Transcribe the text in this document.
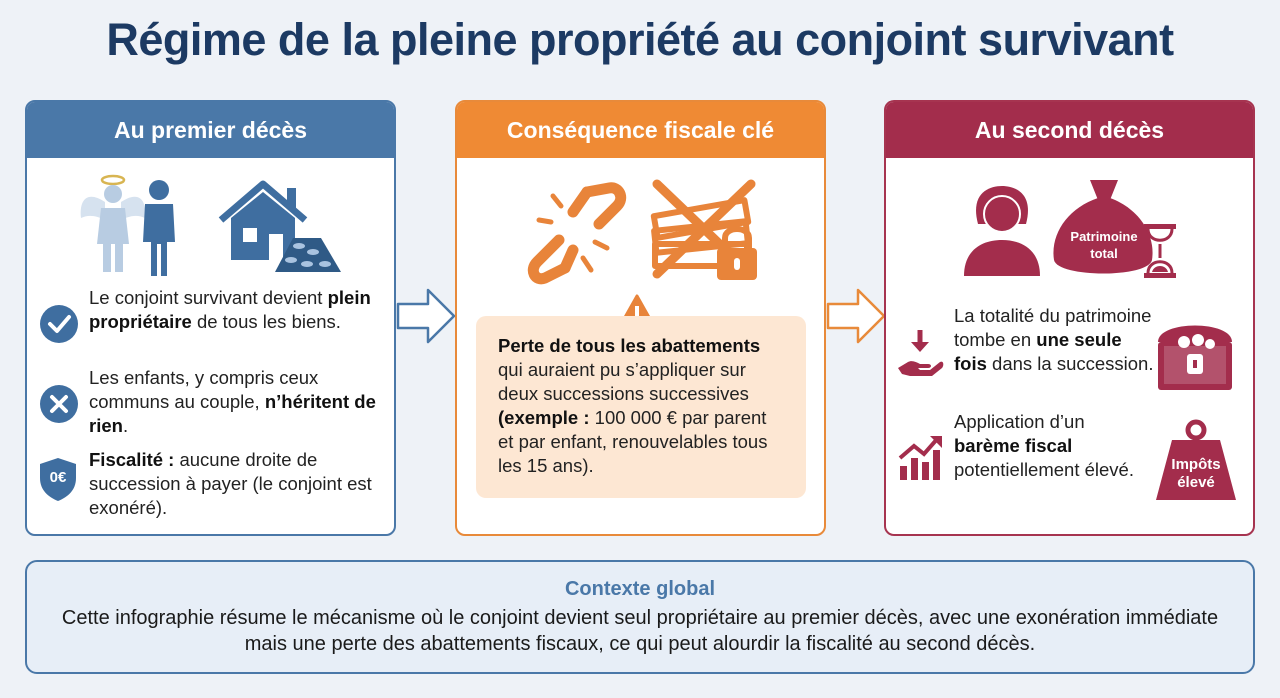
Régime de la pleine propriété au conjoint survivant
Au premier décès
Le conjoint survivant devient plein propriétaire de tous les biens.
Les enfants, y compris ceux communs au couple, n’héritent de rien.
0€
Fiscalité : aucune droite de succession à payer (le conjoint est exonéré).
Conséquence fiscale clé
Perte de tous les abattements qui auraient pu s’appliquer sur deux successions successives (exemple : 100 000 € par parent et par enfant, renouvelables tous les 15 ans).
Au second décès
Patrimoine
total
La totalité du patrimoine tombe en une seule fois dans la succession.
Application d’un barème fiscal potentiellement élevé.	Impôts
élevé
Contexte global
Cette infographie résume le mécanisme où le conjoint devient seul propriétaire au premier décès, avec une exonération immédiate mais une perte des abattements fiscaux, ce qui peut alourdir la fiscalité au second décès.
